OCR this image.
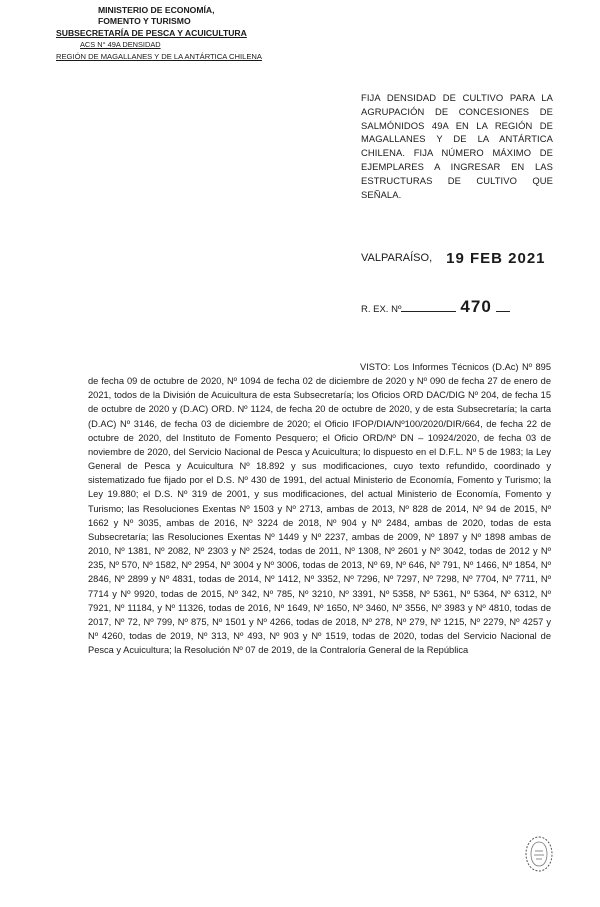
MINISTERIO DE ECONOMÍA,
FOMENTO Y TURISMO
SUBSECRETARÍA DE PESCA Y ACUICULTURA
ACS N° 49A DENSIDAD
REGIÓN DE MAGALLANES Y DE LA ANTÁRTICA CHILENA

FIJA DENSIDAD DE CULTIVO PARA LA AGRUPACIÓN DE CONCESIONES DE SALMÓNIDOS 49A EN LA REGIÓN DE MAGALLANES Y DE LA ANTÁRTICA CHILENA. FIJA NÚMERO MÁXIMO DE EJEMPLARES A INGRESAR EN LAS ESTRUCTURAS DE CULTIVO QUE SEÑALA.

VALPARAÍSO, 19 FEB 2021
R. EX. Nº	470

VISTO: Los Informes Técnicos (D.Ac) Nº 895 de fecha 09 de octubre de 2020, Nº 1094 de fecha 02 de diciembre de 2020 y Nº 090 de fecha 27 de enero de 2021, todos de la División de Acuicultura de esta Subsecretaría; los Oficios ORD DAC/DIG Nº 204, de fecha 15 de octubre de 2020 y (D.AC) ORD. Nº 1124, de fecha 20 de octubre de 2020, y de esta Subsecretaría; la carta (D.AC) Nº 3146, de fecha 03 de diciembre de 2020; el Oficio IFOP/DIA/Nº100/2020/DIR/664, de fecha 22 de octubre de 2020, del Instituto de Fomento Pesquero; el Oficio ORD/Nº DN – 10924/2020, de fecha 03 de noviembre de 2020, del Servicio Nacional de Pesca y Acuicultura; lo dispuesto en el D.F.L. Nº 5 de 1983; la Ley General de Pesca y Acuicultura Nº 18.892 y sus modificaciones, cuyo texto refundido, coordinado y sistematizado fue fijado por el D.S. Nº 430 de 1991, del actual Ministerio de Economía, Fomento y Turismo; la Ley 19.880; el D.S. Nº 319 de 2001, y sus modificaciones, del actual Ministerio de Economía, Fomento y Turismo; las Resoluciones Exentas Nº 1503 y Nº 2713, ambas de 2013, Nº 828 de 2014, Nº 94 de 2015, Nº 1662 y Nº 3035, ambas de 2016, Nº 3224 de 2018, Nº 904 y Nº 2484, ambas de 2020, todas de esta Subsecretaría; las Resoluciones Exentas Nº 1449 y Nº 2237, ambas de 2009, Nº 1897 y Nº 1898 ambas de 2010, Nº 1381, Nº 2082, Nº 2303 y Nº 2524, todas de 2011, Nº 1308, Nº 2601 y Nº 3042, todas de 2012 y Nº 235, Nº 570, Nº 1582, Nº 2954, Nº 3004 y Nº 3006, todas de 2013, Nº 69, Nº 646, Nº 791, Nº 1466, Nº 1854, Nº 2846, Nº 2899 y Nº 4831, todas de 2014, Nº 1412, Nº 3352, Nº 7296, Nº 7297, Nº 7298, Nº 7704, Nº 7711, Nº 7714 y Nº 9920, todas de 2015, Nº 342, Nº 785, Nº 3210, Nº 3391, Nº 5358, Nº 5361, Nº 5364, Nº 6312, Nº 7921, Nº 11184, y Nº 11326, todas de 2016, Nº 1649, Nº 1650, Nº 3460, Nº 3556, Nº 3983 y Nº 4810, todas de 2017, Nº 72, Nº 799, Nº 875, Nº 1501 y Nº 4266, todas de 2018, Nº 278, Nº 279, Nº 1215, Nº 2279, Nº 4257 y Nº 4260, todas de 2019, Nº 313, Nº 493, Nº 903 y Nº 1519, todas de 2020, todas del Servicio Nacional de Pesca y Acuicultura; la Resolución Nº 07 de 2019, de la Contraloría General de la República
